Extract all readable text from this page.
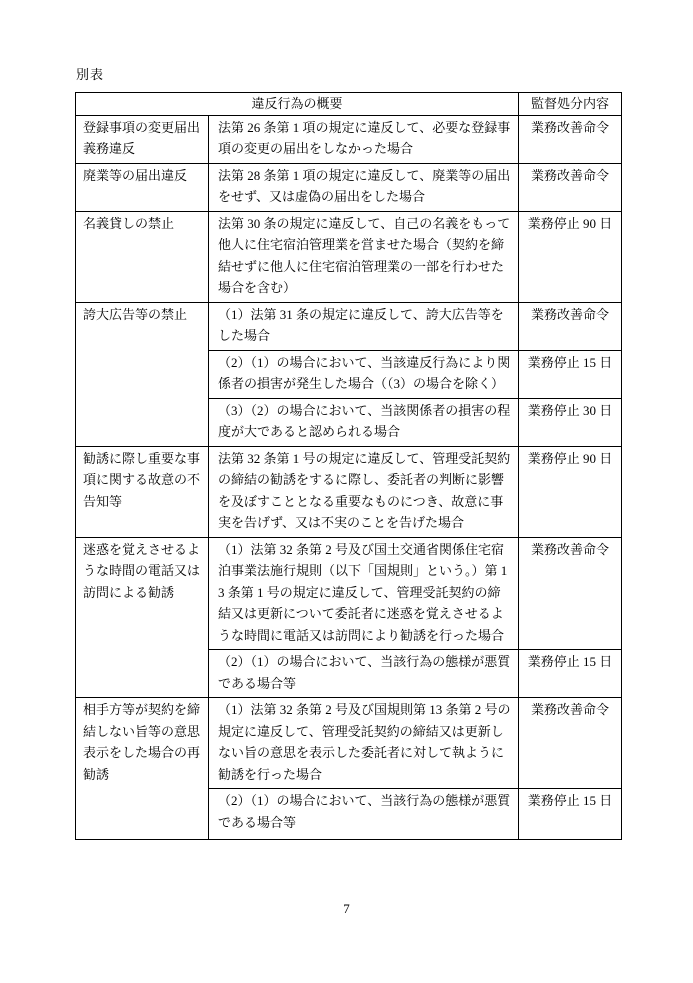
別表
違反行為の概要		監督処分内容
登録事項の変更届出義務違反	法第 26 条第 1 項の規定に違反して、必要な登録事項の変更の届出をしなかった場合	業務改善命令
廃業等の届出違反	法第 28 条第 1 項の規定に違反して、廃業等の届出をせず、又は虚偽の届出をした場合	業務改善命令
名義貸しの禁止	法第 30 条の規定に違反して、自己の名義をもって他人に住宅宿泊管理業を営ませた場合（契約を締結せずに他人に住宅宿泊管理業の一部を行わせた場合を含む）	業務停止 90 日
誇大広告等の禁止	（1）法第 31 条の規定に違反して、誇大広告等をした場合	業務改善命令
	（2）（1）の場合において、当該違反行為により関係者の損害が発生した場合（（3）の場合を除く）	業務停止 15 日
	（3）（2）の場合において、当該関係者の損害の程度が大であると認められる場合	業務停止 30 日
勧誘に際し重要な事項に関する故意の不告知等	法第 32 条第 1 号の規定に違反して、管理受託契約の締結の勧誘をするに際し、委託者の判断に影響を及ぼすこととなる重要なものにつき、故意に事実を告げず、又は不実のことを告げた場合	業務停止 90 日
迷惑を覚えさせるような時間の電話又は訪問による勧誘	（1）法第 32 条第 2 号及び国土交通省関係住宅宿泊事業法施行規則（以下「国規則」という。）第 13 条第 1 号の規定に違反して、管理受託契約の締結又は更新について委託者に迷惑を覚えさせるような時間に電話又は訪問により勧誘を行った場合	業務改善命令
	（2）（1）の場合において、当該行為の態様が悪質である場合等	業務停止 15 日
相手方等が契約を締結しない旨等の意思表示をした場合の再勧誘	（1）法第 32 条第 2 号及び国規則第 13 条第 2 号の規定に違反して、管理受託契約の締結又は更新しない旨の意思を表示した委託者に対して執ように勧誘を行った場合	業務改善命令
	（2）（1）の場合において、当該行為の態様が悪質である場合等	業務停止 15 日
7
